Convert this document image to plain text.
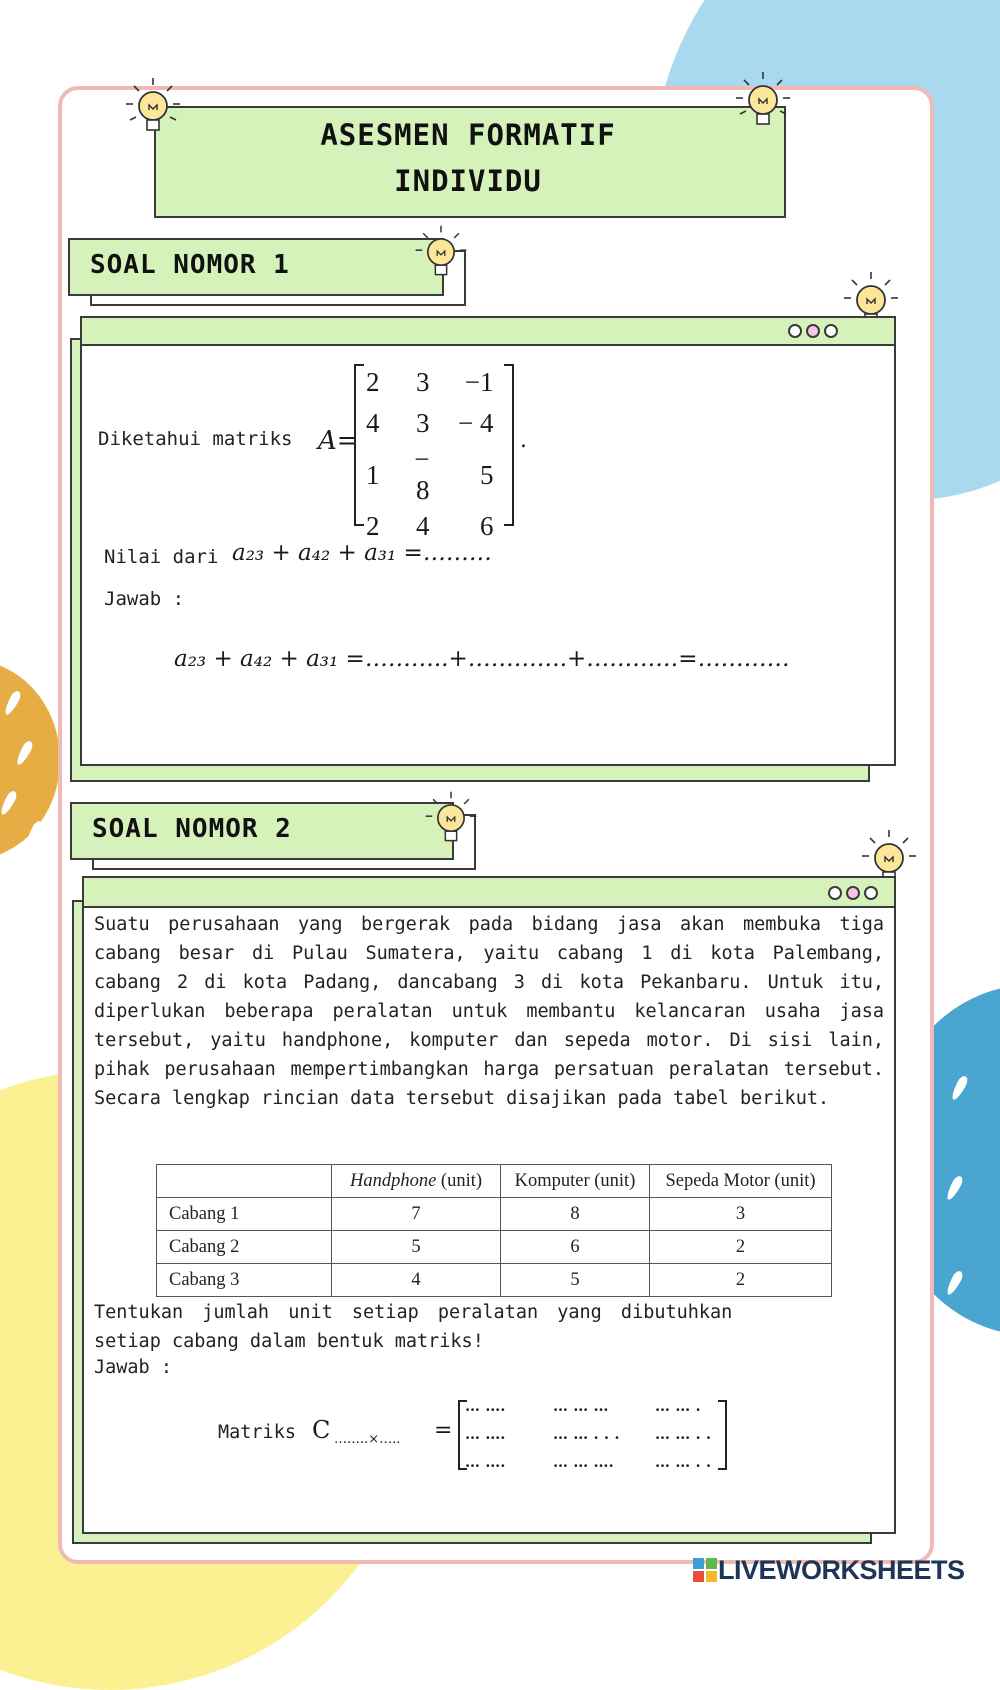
ASESMEN FORMATIF
INDIVIDU
SOAL NOMOR 1
Diketahui matriks A=
2	3	−1
4	3	− 4
1	− 8	5
2	4	6
.
Nilai dari a₂₃ + a₄₂ + a₃₁ =………
Jawab :
a₂₃ + a₄₂ + a₃₁ =………..+………….+…………=…………
SOAL NOMOR 2
Suatu perusahaan yang bergerak pada bidang jasa akan membuka tiga cabang besar di Pulau Sumatera, yaitu cabang 1 di kota Palembang, cabang 2 di kota Padang, dancabang 3 di kota Pekanbaru. Untuk itu, diperlukan beberapa peralatan untuk membantu kelancaran usaha jasa tersebut, yaitu handphone, komputer dan sepeda motor. Di sisi lain, pihak perusahaan mempertimbangkan harga persatuan peralatan tersebut. Secara lengkap rincian data tersebut disajikan pada tabel berikut.
	Handphone (unit)	Komputer (unit)	Sepeda Motor (unit)
Cabang 1	7	8	3
Cabang 2	5	6	2
Cabang 3	4	5	2
Tentukan jumlah unit setiap peralatan yang dibutuhkan
setiap cabang dalam bentuk matriks!
Jawab :
Matriks C ……..×….. =
… ….	… … …	… … .
… ….	… … . . .	… … . .
… ….	… … ….	… … . .
LIVEWORKSHEETS
